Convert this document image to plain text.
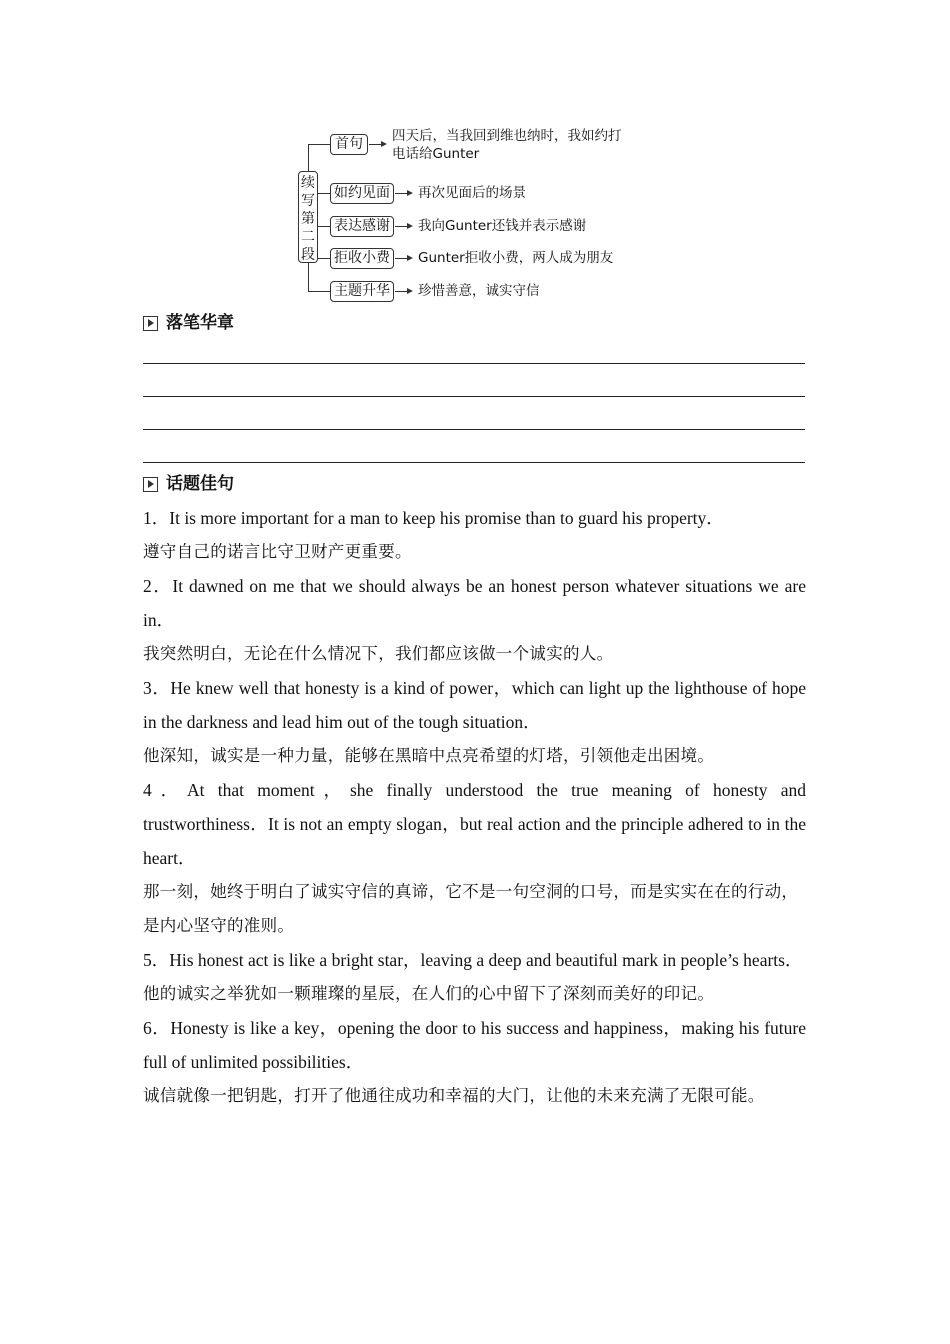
续
写
第
二
段
首句	四天后，当我回到维也纳时，我如约打
电话给Gunter
如约见面 再次见面后的场景
表达感谢 我向Gunter还钱并表示感谢
拒收小费 Gunter拒收小费，两人成为朋友
主题升华 珍惜善意，诚实守信
落笔华章
话题佳句

1．It is more important for a man to keep his promise than to guard his property．

遵守自己的诺言比守卫财产更重要。

2．It dawned on me that we should always be an honest person whatever situations we are in．

我突然明白，无论在什么情况下，我们都应该做一个诚实的人。

3．He knew well that honesty is a kind of power，which can light up the lighthouse of hope in the darkness and lead him out of the tough situation．

他深知，诚实是一种力量，能够在黑暗中点亮希望的灯塔，引领他走出困境。

4．At that moment，she finally understood the true meaning of honesty and trustworthiness．It is not an empty slogan，but real action and the principle adhered to in the heart．

那一刻，她终于明白了诚实守信的真谛，它不是一句空洞的口号，而是实实在在的行动，是内心坚守的准则。

5．His honest act is like a bright star，leaving a deep and beautiful mark in people’s hearts．

他的诚实之举犹如一颗璀璨的星辰，在人们的心中留下了深刻而美好的印记。

6．Honesty is like a key，opening the door to his success and happiness，making his future full of unlimited possibilities．

诚信就像一把钥匙，打开了他通往成功和幸福的大门，让他的未来充满了无限可能。
